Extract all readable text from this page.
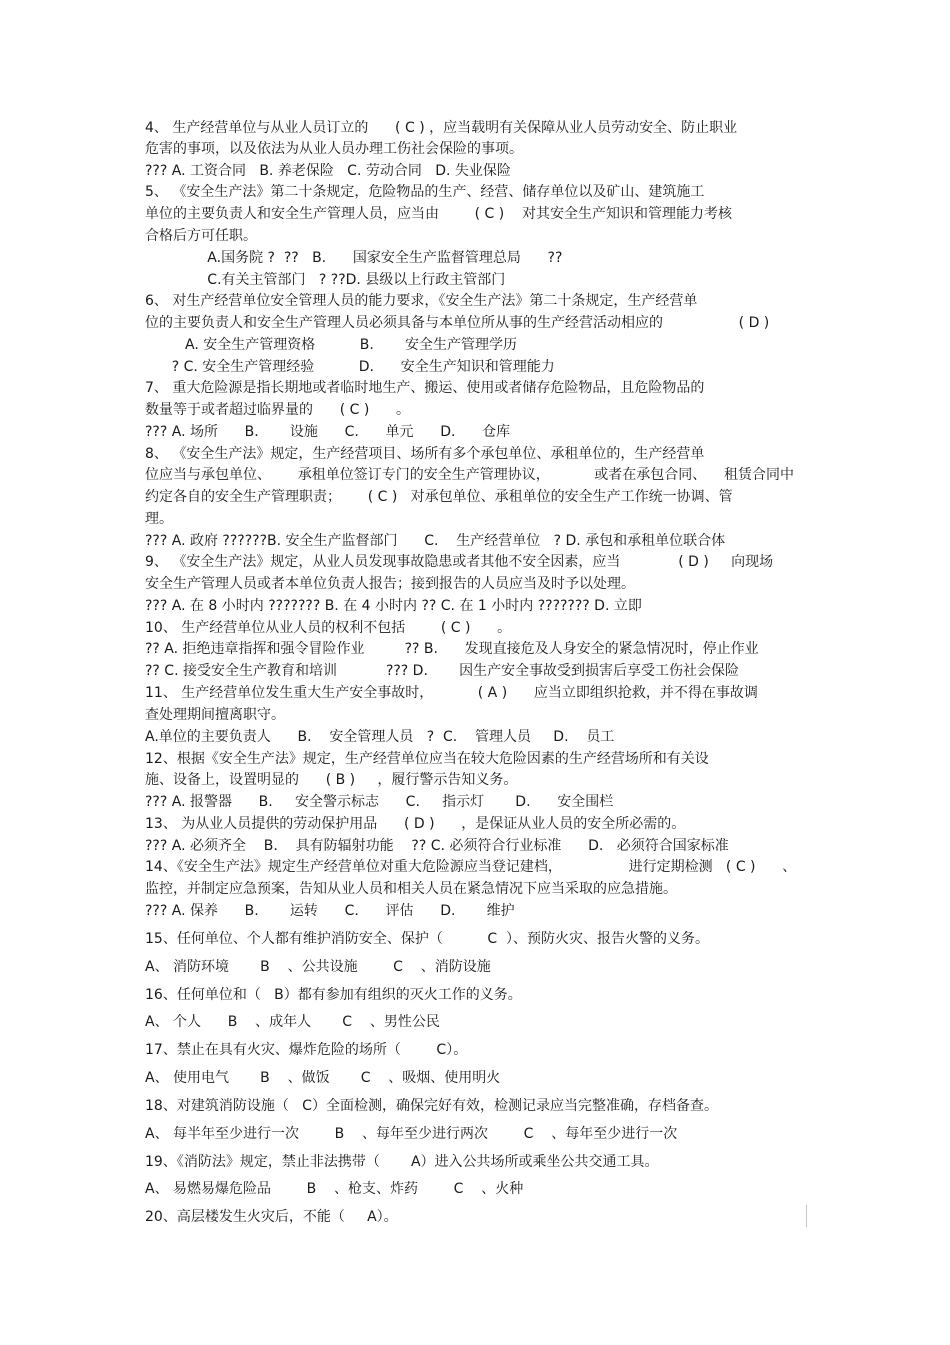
4、 生产经营单位与从业人员订立的      ( C ) ，应当载明有关保障从业人员劳动安全、防止职业
危害的事项，以及依法为从业人员办理工伤社会保险的事项。
??? A. 工资合同   B. 养老保险   C. 劳动合同   D. 失业保险
5、 《安全生产法》第二十条规定，危险物品的生产、经营、储存单位以及矿山、建筑施工
单位的主要负责人和安全生产管理人员，应当由        ( C )    对其安全生产知识和管理能力考核
合格后方可任职。
A.国务院 ?  ??   B.      国家安全生产监督管理总局      ??
C.有关主管部门   ? ??D. 县级以上行政主管部门
6、 对生产经营单位安全管理人员的能力要求，《安全生产法》第二十条规定，生产经营单
位的主要负责人和安全生产管理人员必须具备与本单位所从事的生产经营活动相应的                 ( D )
A. 安全生产管理资格          B.       安全生产管理学历
? C. 安全生产管理经验          D.      安全生产知识和管理能力
7、 重大危险源是指长期地或者临时地生产、搬运、使用或者储存危险物品，且危险物品的
数量等于或者超过临界量的      ( C )      。
??? A. 场所      B.       设施      C.      单元      D.      仓库
8、 《安全生产法》规定，生产经营项目、场所有多个承包单位、承租单位的，生产经营单
位应当与承包单位、      承租单位签订专门的安全生产管理协议，          或者在承包合同、    租赁合同中
约定各自的安全生产管理职责；      ( C )   对承包单位、承租单位的安全生产工作统一协调、管
理。
??? A. 政府 ??????B. 安全生产监督部门      C.    生产经营单位   ? D. 承包和承租单位联合体
9、 《安全生产法》规定，从业人员发现事故隐患或者其他不安全因素，应当             ( D )     向现场
安全生产管理人员或者本单位负责人报告；接到报告的人员应当及时予以处理。
??? A. 在 8 小时内 ??????? B. 在 4 小时内 ?? C. 在 1 小时内 ??????? D. 立即
10、 生产经营单位从业人员的权利不包括        ( C )      。
?? A. 拒绝违章指挥和强令冒险作业         ?? B.      发现直接危及人身安全的紧急情况时，停止作业
?? C. 接受安全生产教育和培训           ??? D.       因生产安全事故受到损害后享受工伤社会保险
11、 生产经营单位发生重大生产安全事故时，          ( A )      应当立即组织抢救，并不得在事故调
查处理期间擅离职守。
A.单位的主要负责人      B.    安全管理人员   ?  C.    管理人员     D.    员工
12、根据《安全生产法》规定，生产经营单位应当在较大危险因素的生产经营场所和有关设
施、设备上，设置明显的      ( B )     ，履行警示告知义务。
??? A. 报警器      B.     安全警示标志      C.     指示灯       D.      安全围栏
13、 为从业人员提供的劳动保护用品      ( D )      ，是保证从业人员的安全所必需的。
??? A. 必须齐全    B.    具有防辐射功能    ?? C. 必须符合行业标准      D.   必须符合国家标准
14、《安全生产法》规定生产经营单位对重大危险源应当登记建档，               进行定期检测   ( C )      、
监控，并制定应急预案，告知从业人员和相关人员在紧急情况下应当采取的应急措施。
??? A. 保养      B.       运转      C.      评估      D.       维护
15、任何单位、个人都有维护消防安全、保护（          C  ）、预防火灾、报告火警的义务。
A、 消防环境       B    、公共设施        C    、消防设施
16、任何单位和（   B）都有参加有组织的灭火工作的义务。
A、 个人      B    、成年人       C    、男性公民
17、禁止在具有火灾、爆炸危险的场所（        C）。
A、 使用电气       B    、做饭       C    、吸烟、使用明火
18、对建筑消防设施（   C）全面检测，确保完好有效，检测记录应当完整准确，存档备查。
A、 每半年至少进行一次        B    、每年至少进行两次        C    、每年至少进行一次
19、《消防法》规定，禁止非法携带（       A）进入公共场所或乘坐公共交通工具。
A、 易燃易爆危险品        B    、枪支、炸药        C    、火种
20、高层楼发生火灾后，不能（     A）。
